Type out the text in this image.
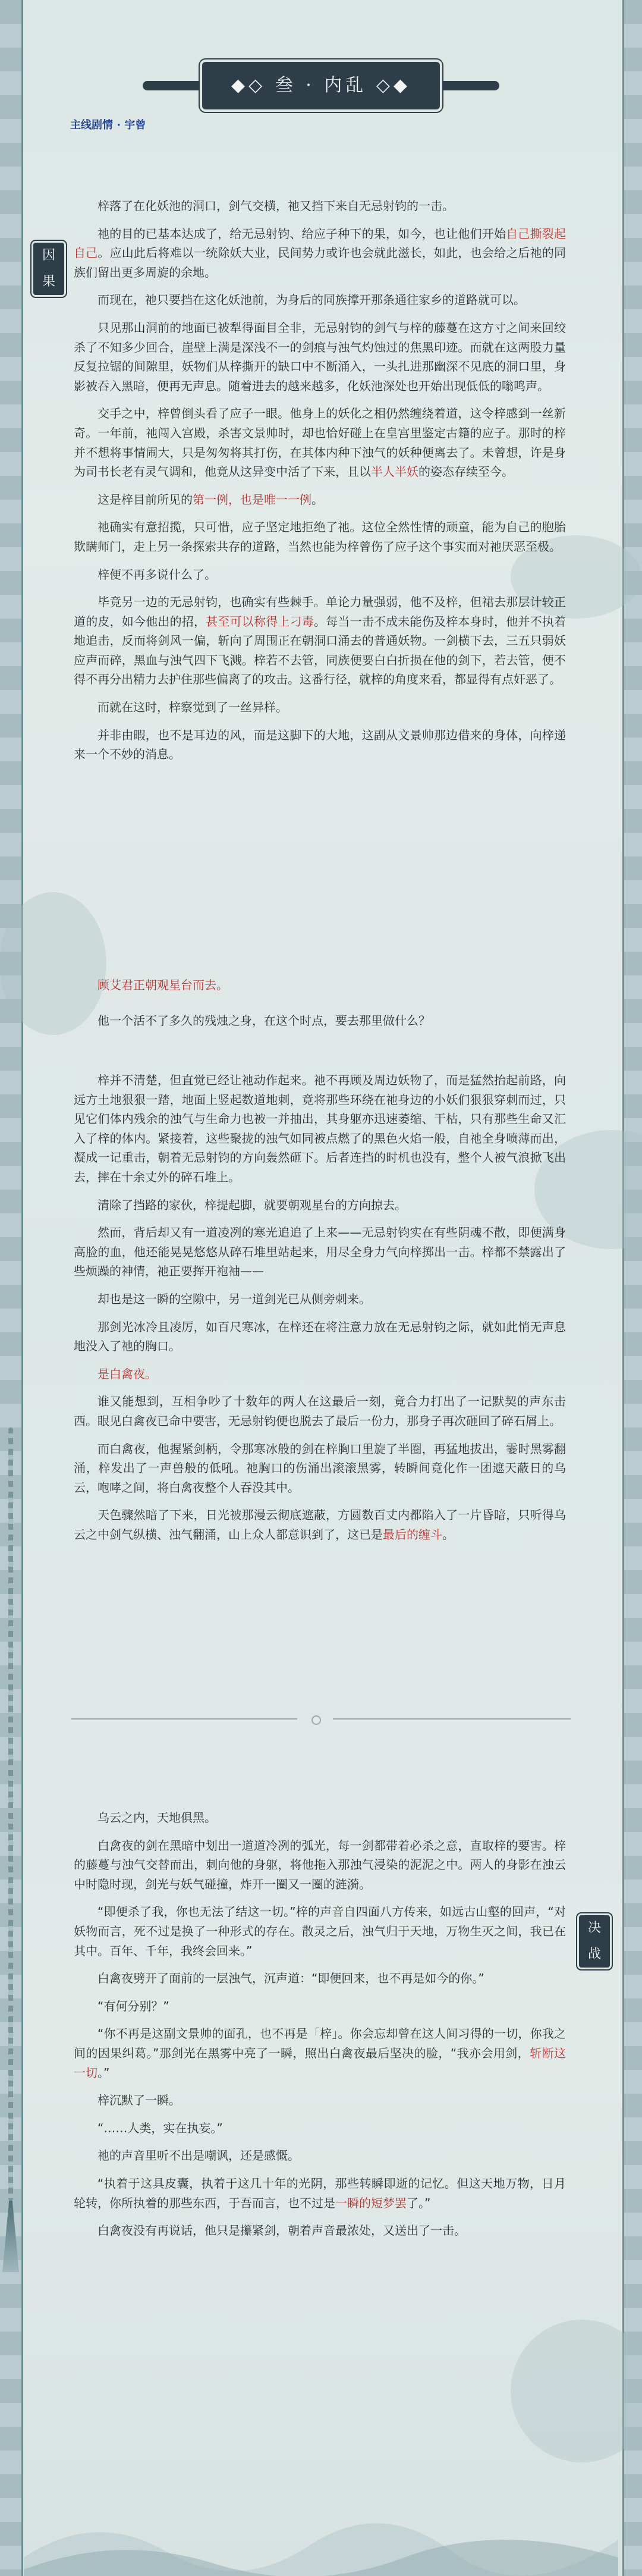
◆◇ 叁 · 内乱 ◇◆
主线剧情 · 宇曾
因
果

梓落了在化妖池的洞口，剑气交横，祂又挡下来自无忌射钧的一击。

祂的目的已基本达成了，给无忌射钧、给应子种下的果，如今，也让他们开始自己撕裂起自己。应山此后将难以一统除妖大业，民间势力或许也会就此滋长，如此，也会给之后祂的同族们留出更多周旋的余地。

而现在，祂只要挡在这化妖池前，为身后的同族撑开那条通往家乡的道路就可以。

只见那山洞前的地面已被犁得面目全非，无忌射钧的剑气与梓的藤蔓在这方寸之间来回绞杀了不知多少回合，崖壁上满是深浅不一的剑痕与浊气灼蚀过的焦黑印迹。而就在这两股力量反复拉锯的间隙里，妖物们从梓撕开的缺口中不断涌入，一头扎进那幽深不见底的洞口里，身影被吞入黑暗，便再无声息。随着进去的越来越多，化妖池深处也开始出现低低的嗡鸣声。

交手之中，梓曾倒头看了应子一眼。他身上的妖化之相仍然缠绕着道，这令梓感到一丝新奇。一年前，祂闯入宫殿，杀害文景帅时，却也恰好碰上在皇宫里鉴定古籍的应子。那时的梓并不想将事情闹大，只是匆匆将其打伤，在其体内种下浊气的妖种便离去了。未曾想，许是身为司书长老有灵气调和，他竟从这异变中活了下来，且以半人半妖的姿态存续至今。

这是梓目前所见的第一例，也是唯一一例。

祂确实有意招揽，只可惜，应子坚定地拒绝了祂。这位全然性情的顽童，能为自己的胞胎欺瞒师门，走上另一条探索共存的道路，当然也能为梓曾伤了应子这个事实而对祂厌恶至极。

梓便不再多说什么了。

毕竟另一边的无忌射钧，也确实有些棘手。单论力量强弱，他不及梓，但裙去那层计较正道的皮，如今他出的招，甚至可以称得上刁毒。每当一击不成未能伤及梓本身时，他并不执着地追击，反而将剑风一偏，斩向了周围正在朝洞口涌去的普通妖物。一剑横下去，三五只弱妖应声而碎，黑血与浊气四下飞溅。梓若不去管，同族便要白白折损在他的剑下，若去管，便不得不再分出精力去护住那些偏离了的攻击。这番行径，就梓的角度来看，都显得有点奸恶了。

而就在这时，梓察觉到了一丝异样。

并非由暇，也不是耳边的风，而是这脚下的大地，这副从文景帅那边借来的身体，向梓递来一个不妙的消息。

顾艾君正朝观星台而去。

他一个活不了多久的残烛之身，在这个时点，要去那里做什么？

梓并不清楚，但直觉已经让祂动作起来。祂不再顾及周边妖物了，而是猛然抬起前路，向远方土地狠狠一踏，地面上竖起数道地刺，竟将那些环绕在祂身边的小妖们狠狠穿刺而过，只见它们体内残余的浊气与生命力也被一并抽出，其身躯亦迅速萎缩、干枯，只有那些生命又汇入了梓的体内。紧接着，这些聚拢的浊气如同被点燃了的黑色火焰一般，自祂全身喷薄而出，凝成一记重击，朝着无忌射钧的方向轰然砸下。后者连挡的时机也没有，整个人被气浪掀飞出去，摔在十余丈外的碎石堆上。

清除了挡路的家伙，梓提起脚，就要朝观星台的方向掠去。

然而，背后却又有一道凌冽的寒光追追了上来——无忌射钧实在有些阴魂不散，即便满身高脸的血，他还能晃晃悠悠从碎石堆里站起来，用尽全身力气向梓掷出一击。梓都不禁露出了些烦躁的神情，祂正要挥开袍袖——

却也是这一瞬的空隙中，另一道剑光已从侧旁刺来。

那剑光冰冷且凌厉，如百尺寒冰，在梓还在将注意力放在无忌射钧之际，就如此悄无声息地没入了祂的胸口。

是白禽夜。

谁又能想到，互相争吵了十数年的两人在这最后一刻，竟合力打出了一记默契的声东击西。眼见白禽夜已命中要害，无忌射钧便也脱去了最后一份力，那身子再次砸回了碎石屑上。

而白禽夜，他握紧剑柄，令那寒冰般的剑在梓胸口里旋了半圈，再猛地拔出，霎时黑雾翻涌，梓发出了一声兽般的低吼。祂胸口的伤涌出滚滚黑雾，转瞬间竟化作一团遮天蔽日的乌云，咆哮之间，将白禽夜整个人吞没其中。

天色骤然暗了下来，日光被那漫云彻底遮蔽，方圆数百丈内都陷入了一片昏暗，只听得乌云之中剑气纵横、浊气翻涌，山上众人都意识到了，这已是最后的缠斗。

决
战

乌云之内，天地俱黑。

白禽夜的剑在黑暗中划出一道道冷冽的弧光，每一剑都带着必杀之意，直取梓的要害。梓的藤蔓与浊气交替而出，刺向他的身躯，将他拖入那浊气浸染的泥泥之中。两人的身影在浊云中时隐时现，剑光与妖气碰撞，炸开一圈又一圈的涟漪。

“即便杀了我，你也无法了结这一切。”梓的声音自四面八方传来，如远古山壑的回声，“对妖物而言，死不过是换了一种形式的存在。散灵之后，浊气归于天地，万物生灭之间，我已在其中。百年、千年，我终会回来。”

白禽夜劈开了面前的一层浊气，沉声道：“即便回来，也不再是如今的你。”

“有何分别？”

“你不再是这副文景帅的面孔，也不再是「梓」。你会忘却曾在这人间习得的一切，你我之间的因果纠葛。”那剑光在黑雾中亮了一瞬，照出白禽夜最后坚决的脸，“我亦会用剑，斩断这一切。”

梓沉默了一瞬。

“……人类，实在执妄。”

祂的声音里听不出是嘲讽，还是感慨。

“执着于这具皮囊，执着于这几十年的光阴，那些转瞬即逝的记忆。但这天地万物，日月轮转，你所执着的那些东西，于吾而言，也不过是一瞬的短梦罢了。”

白禽夜没有再说话，他只是攥紧剑，朝着声音最浓处，又送出了一击。
